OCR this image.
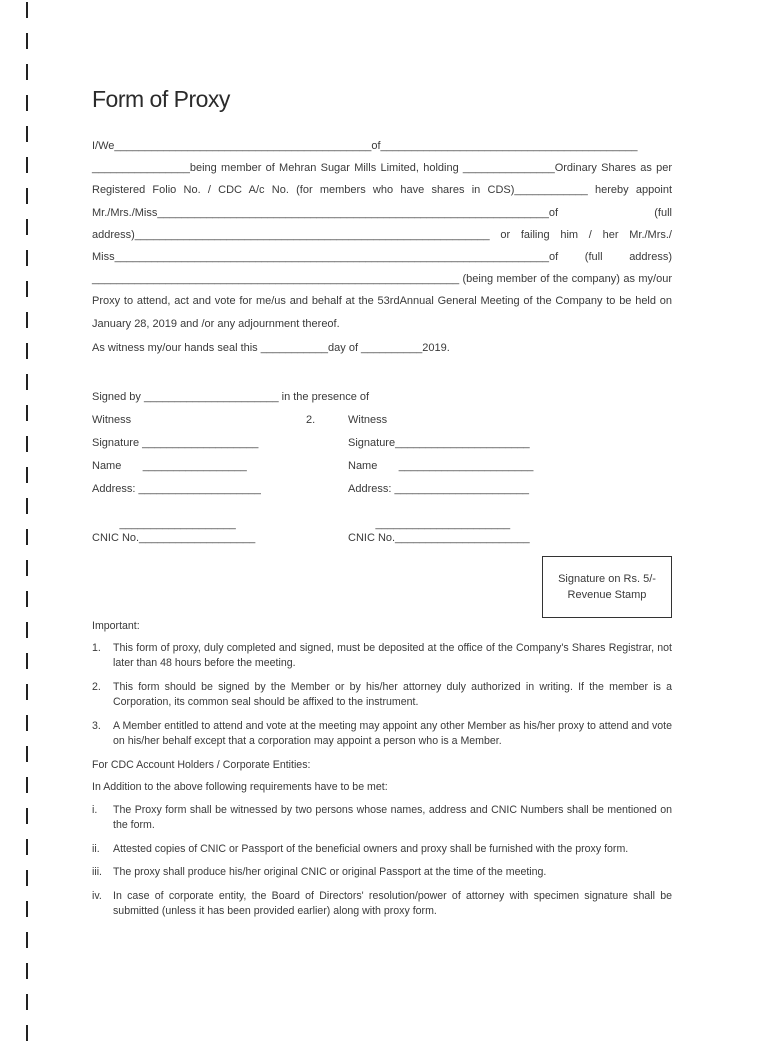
Form of Proxy

I/We__________________________________________of__________________________________________ ________________being member of Mehran Sugar Mills Limited, holding _______________Ordinary Shares as per Registered Folio No. / CDC A/c No. (for members who have shares in CDS)____________ hereby appoint Mr./Mrs./Miss________________________________________________________________of (full address)__________________________________________________________ or failing him / her Mr./Mrs./ Miss_______________________________________________________________________of (full address) ____________________________________________________________ (being member of the company) as my/our Proxy to attend, act and vote for me/us and behalf at the 53rdAnnual General Meeting of the Company to be held on January 28, 2019 and /or any adjournment thereof.

As witness my/our hands seal this ___________day of __________2019.

Signed by ______________________ in the presence of
Witness
Signature ___________________
Name       _________________
Address: ____________________
___________________
CNIC No.___________________
2.	Witness
Signature______________________
Name       ______________________
Address: ______________________
______________________
CNIC No.______________________
Signature on Rs. 5/-
Revenue Stamp

Important:

1.	This form of proxy, duly completed and signed, must be deposited at the office of the Company's Shares Registrar, not later than 48 hours before the meeting.
2.	This form should be signed by the Member or by his/her attorney duly authorized in writing. If the member is a Corporation, its common seal should be affixed to the instrument.
3.	A Member entitled to attend and vote at the meeting may appoint any other Member as his/her proxy to attend and vote on his/her behalf except that a corporation may appoint a person who is a Member.

For CDC Account Holders / Corporate Entities:

In Addition to the above following requirements have to be met:

i.	The Proxy form shall be witnessed by two persons whose names, address and CNIC Numbers shall be mentioned on the form.
ii.	Attested copies of CNIC or Passport of the beneficial owners and proxy shall be furnished with the proxy form.
iii.	The proxy shall produce his/her original CNIC or original Passport at the time of the meeting.
iv.	In case of corporate entity, the Board of Directors' resolution/power of attorney with specimen signature shall be submitted (unless it has been provided earlier) along with proxy form.
